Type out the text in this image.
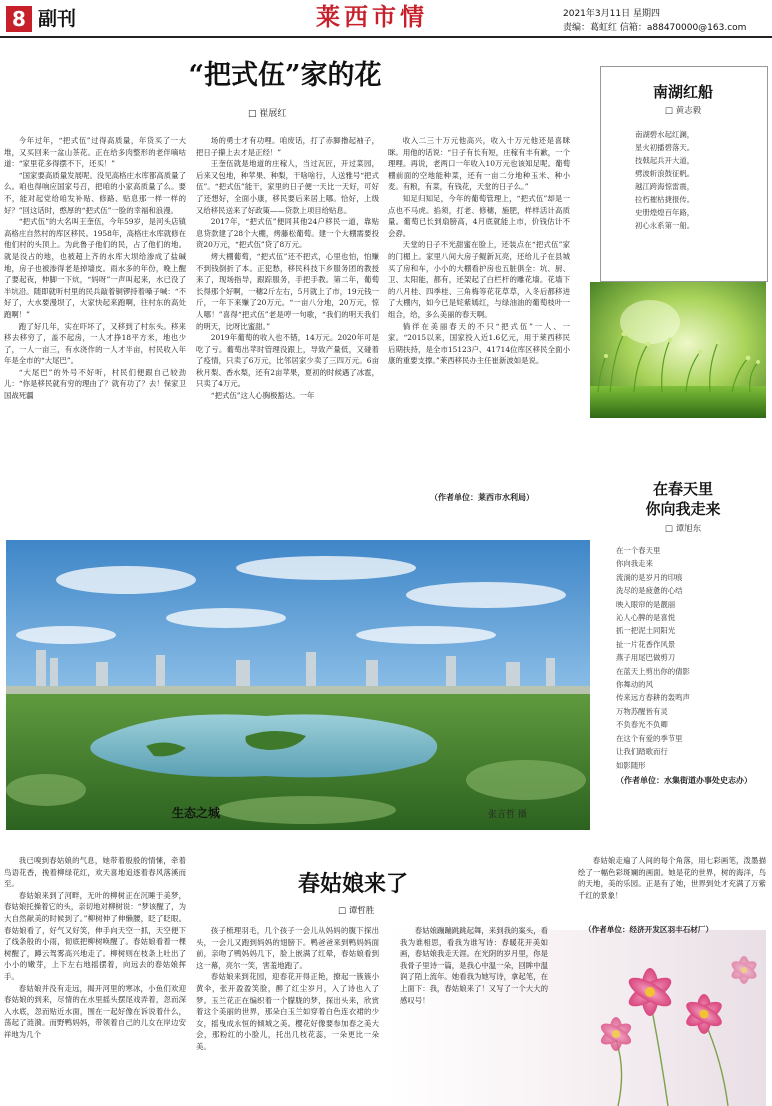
8 副刊	莱西市情	2021年3月11日 星期四
责编：葛虹红 信箱：a88470000@163.com
“把式伍”家的花
□ 崔展红

今年过年，“把式伍”过得高质量，年货买了一大堆，又买回来一盆山茶花。正在给多肉整形的老伴嘀咕道：“家里花多得摆不下，还买！”

“国家要高质量发展呢。没见高格庄水库都高质量了么。咱也得响应国家号召，把咱的小家高质量了么。要不，能对起党给咱发补贴、修路、贴息那一样一样的好？”回这话时，憨厚的“把式伍”一脸的幸福和浪漫。

“把式伍”的大名叫王奎伍，今年59岁，是河头店镇高格庄自然村的库区移民。1958年，高格庄水库就修在他们村的头顶上。为此鲁子他们的民，占了他们的地。就是没占的地，也被超上齐的水库大坝给渗成了盐碱地，房子也被渗得老是掉墙皮。雨水多的年份，晚上醒了要起夜，伸脚一下炕，“妈呀”一声叫起来，水已没了半坑沿。随即就听村里的民兵敲着铜锣持着嗓子喊：“不好了，大水要漫坝了，大家快起来跑啊，往村东的高处跑啊！”

跑了好几年，实在吓坏了，又移到了村东头。移来移去移穷了，盖不起房，一人才挣18平方米，地也少了，一人一亩三，有水浇作的一人才半亩，村民收入年年是全市的“大尾巴”。

“大尾巴”的外号不好听，村民们便跟自己较劲儿：“你是移民就有穷的理由了？就有功了？去！保家卫国战死疆

场的勇士才有功哩。咱废话，打了赤脚撸起袖子，把日子攥上去才是正经！”

王奎伍就是地道的庄稼人，当过瓦匠，开过菜园，后来又包地，种苹果、种梨，干啥啥行，人送雅号“把式伍”。“把式伍”能干，家里的日子便一天比一天好，可好了还想好，全面小康，移民要后来居上哪。恰好，上级又给移民送来了好政策——贷款上项目给贴息。

2017年，“把式伍”便同其他24户移民一道，靠贴息贷款建了28个大棚，烤藤松葡萄。建一个大棚需要投资20万元，“把式伍”贷了8万元。

烤大棚葡萄，“把式伍”还不把式，心里也怕，怕赚不到钱倒折了本。正犯愁，移民科技下乡服务团的教授来了，现场指导，跟踪服务，手把手教。第二年，葡萄长得那个好啊，一穗2斤左右，5月就上了市，19元钱一斤，一年下来赚了20万元。“一亩八分地，20万元，惊人哪！”喜得“把式伍”老是哼一句歌，“我们的明天我们的明天，比呀比蜜甜。”

2019年葡萄的收入也不错，14万元。2020年可是吃了亏。葡萄出苹时管理没跟上，导致产量低，又碰着了疫情，只卖了6万元，比邻居家少卖了三四万元。6亩秋月梨、香水梨，还有2亩苹果，夏初的时候遇了冰雹，只卖了4万元。

“把式伍”这人心胸极豁达。一年

收入二三十万元他高兴，收入十万元他还是喜眯眯。用他的话说：“日子有长有短，庄稼有丰有歉，一个理哩。再说，老两口一年收入10万元也该知足呢。葡萄棚前面的空地能种菜，还有一亩二分地种玉米、种小麦。有粮，有菜，有钱花，天堂的日子么。”

知足归知足，今年的葡萄管理上，“把式伍”却是一点也不马虎。掐须，打老、修穗，施肥，样样活计高质量。葡萄已长到扇膀高，4月底就能上市，价钱估计不会孬。

天堂的日子不光甜蜜在脸上，还装点在“把式伍”家的门楣上。家里八间大房子鲲新瓦亮，还给儿子在县城买了房和车，小小的大棚看护房也五脏俱全：坑、厨、卫、太阳能，都有，还架起了白栏杆的雕花墙。花墙下的八月桂、四季桂、三角梅等花花草草，入冬后都移进了大棚内，如今已是姹紫嫣红，与绿油油的葡萄枝叶一组合，给，多么美丽的春天啊。

徜徉在美丽春天的不只“把式伍”一人、一家。“2015以来，国家投入近1.6亿元，用于莱西移民后期扶持，是全市15123户、41714位库区移民全面小康的重要支撑。”莱西移民办主任崔新波如是说。

（作者单位：莱西市水利局）
南湖红船
□ 黄志毅
南湖碧水起红澜，
星火初播碧落天。
技戟起兵开大道，
劈波斩浪鼓征帆。
越江跨海惊雷震，
拉朽摧枯捷报传。
史册煌煌百年路，
初心永系第一船。
在春天里
你向我走来
□ 谭旭东
在一个春天里
你向我走来
流淌的是岁月的印痕
洗尽的是疲惫的心结
映入眼帘的是靓丽
沁人心脾的是喜悦
抓一把泥土同阳光
扯一片花香作风景
燕子用尾巴做剪刀
在蓝天上剪出你的倩影
你舞动的风
传来远方春耕的轰鸣声
万物苏醒皆有灵
不负春光不负卿
在这个有爱的季节里
让我们踏歌而行
如影随形
（作者单位：水集街道办事处史志办）
生态之城	张言哲 摄

我已嗅到春姑娘的气息，她带着殷殷的情愫，牵着鸟语花香，挽着柳绿花红，欢天喜地追逐着春风落溪而至。

春姑娘来到了河畔，无叶的柳树正在沉睡于美梦，春姑娘托操着它的头，亲切地对柳树说：“梦该醒了，为大自然献美的时候到了。”柳树伸了伸懒腰，眨了眨眼。春姑娘看了，好气又好笑，伸手向天空一抓，天空便下了线条般的小雨，彻底把柳树唤醒了。春姑娘看着一棵树醒了，蹲云驾雾高兴地走了。柳树则在枝条上吐出了小小的嫩芽，上下左右地摇摆着，向远去的春姑娘挥手。

春姑娘并没有走远，揭开河里的寒冰，小鱼们欢迎春姑娘的到来，尽情的在水里摇头摆尾戏弄着，忽而深入水底，忽而贴近水面，围在一起好像在诉说着什么，荡起了涟漪。而野鸭妈妈，带领着自己的儿女在岸边安祥地为几个

春姑娘来了
□ 谭哲胜

孩子梳理羽毛，几个孩子一会儿从妈妈的腹下探出头，一会儿又跑到妈妈的翅膀下。鸭爸爸来到鸭妈妈面前，亲吻了鸭妈妈几下，脸上嵌满了红晕，春姑娘看到这一幕，亮尔一笑，害羞地跑了。

春姑娘来到花园，迎春花开得正艳，撩起一簇簇小黄伞，张开盈盈笑脸，醉了红尘岁月，入了诗也入了梦。玉兰花正在编织着一个朦胧的梦，探出头来，欣赏着这个美丽的世界，那朵白玉兰如穿着白色连衣裙的少女，摇曳成永恒的倾城之美。樱花好像要参加春之美大会，那粉红的小脸儿，托出几枝花蕊，一朵更比一朵美。

春姑娘蹦蹦跳跳起舞，来到我的案头，看我为谁相思，看我为谁写诗：春暖花开美如画，春姑娘我走天涯。在光阴的岁月里，你是我骨子里诗一篇，是我心中温一朵，回眸中温润了陌上流年。她看我为她写诗，拿起笔，在上面下：我，春姑娘来了！又写了一个大大的感叹号！

春姑娘走遍了人间的每个角落，用七彩画笔，泼墨描绘了一幅色彩斑斓的画面。她是花的世界，树的海洋，鸟的天地，美的乐园。正是有了她，世界到处才充满了万紫千红的景象！

（作者单位：经济开发区羽丰石材厂）
